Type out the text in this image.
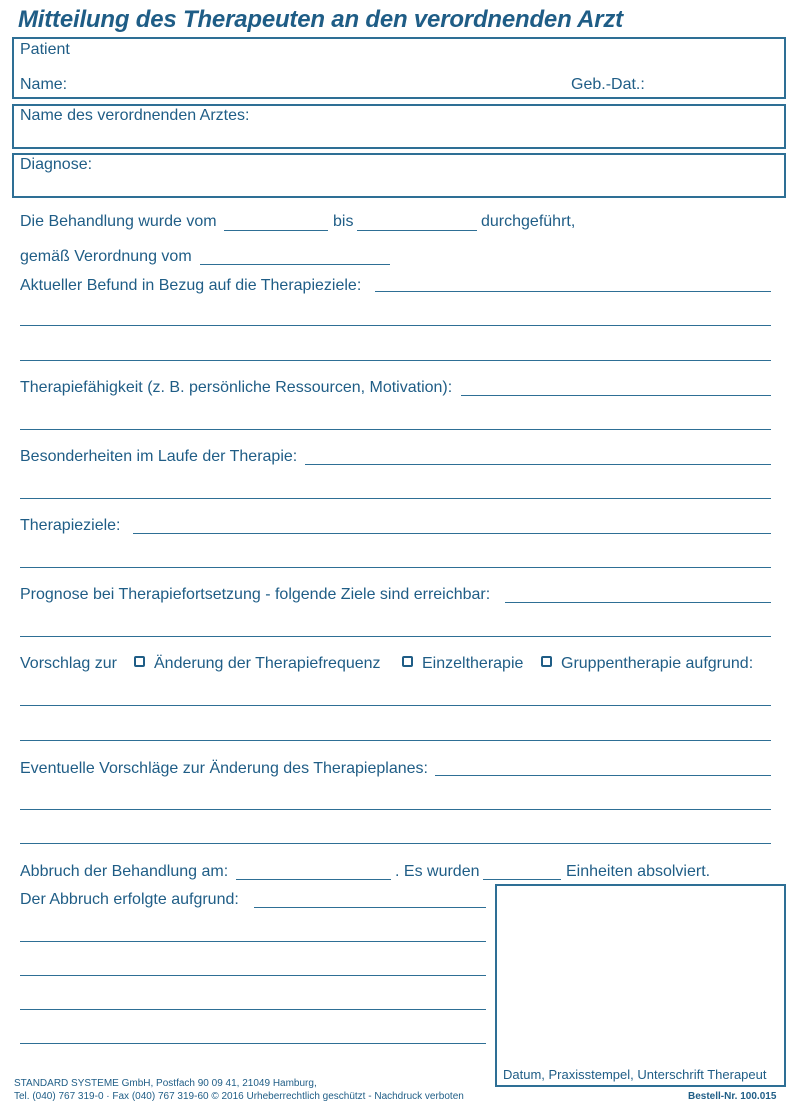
Mitteilung des Therapeuten an den verordnenden Arzt
Patient
Name:	Geb.-Dat.:
Name des verordnenden Arztes:
Diagnose:
Die Behandlung wurde vom	bis	durchgeführt,
gemäß Verordnung vom
Aktueller Befund in Bezug auf die Therapieziele:
Therapiefähigkeit (z. B. persönliche Ressourcen, Motivation):
Besonderheiten im Laufe der Therapie:
Therapieziele:
Prognose bei Therapiefortsetzung - folgende Ziele sind erreichbar:
Vorschlag zur Änderung der Therapiefrequenz	Einzeltherapie Gruppentherapie aufgrund:
Eventuelle Vorschläge zur Änderung des Therapieplanes:
Abbruch der Behandlung am:	. Es wurden	Einheiten absolviert.
Der Abbruch erfolgte aufgrund:
Datum, Praxisstempel, Unterschrift Therapeut
STANDARD SYSTEME GmbH, Postfach 90 09 41, 21049 Hamburg,
Tel. (040) 767 319-0 · Fax (040) 767 319-60 © 2016 Urheberrechtlich geschützt - Nachdruck verboten	Bestell-Nr. 100.015
